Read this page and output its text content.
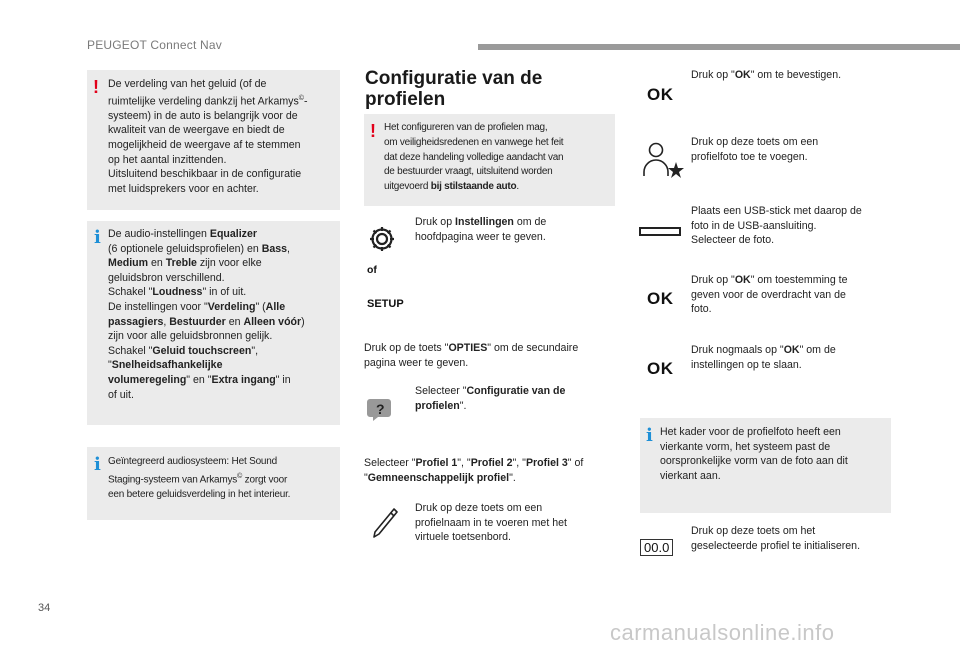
PEUGEOT Connect Nav
! De verdeling van het geluid (of de

ruimtelijke verdeling dankzij het Arkamys©-

systeem) in de auto is belangrijk voor de

kwaliteit van de weergave en biedt de

mogelijkheid de weergave af te stemmen

op het aantal inzittenden.

Uitsluitend beschikbaar in de configuratie

met luidsprekers voor en achter.

i De audio-instellingen Equalizer

(6 optionele geluidsprofielen) en Bass,

Medium en Treble zijn voor elke

geluidsbron verschillend.

Schakel "Loudness" in of uit.

De instellingen voor "Verdeling" (Alle

passagiers, Bestuurder en Alleen vóór)

zijn voor alle geluidsbronnen gelijk.

Schakel "Geluid touchscreen",

"Snelheidsafhankelijke

volumeregeling" en "Extra ingang" in

of uit.

i Geïntegreerd audiosysteem: Het Sound

Staging-systeem van Arkamys© zorgt voor

een betere geluidsverdeling in het interieur.

Configuratie van de
profielen
! Het configureren van de profielen mag,

om veiligheidsredenen en vanwege het feit

dat deze handeling volledige aandacht van

de bestuurder vraagt, uitsluitend worden

uitgevoerd bij stilstaande auto.

Druk op Instellingen om de
hoofdpagina weer te geven.
of
SETUP
Druk op de toets "OPTIES" om de secundaire
pagina weer te geven.
?
Selecteer "Configuratie van de
profielen".
Selecteer "Profiel 1", "Profiel 2", "Profiel 3" of
"Gemneenschappelijk profiel".
Druk op deze toets om een
profielnaam in te voeren met het
virtuele toetsenbord.
OK
Druk op "OK" om te bevestigen.
Druk op deze toets om een
profielfoto toe te voegen.
Plaats een USB-stick met daarop de
foto in de USB-aansluiting.
Selecteer de foto.
OK
Druk op "OK" om toestemming te
geven voor de overdracht van de
foto.
OK
Druk nogmaals op "OK" om de
instellingen op te slaan.
i Het kader voor de profielfoto heeft een

vierkante vorm, het systeem past de

oorspronkelijke vorm van de foto aan dit

vierkant aan.

00.0
Druk op deze toets om het
geselecteerde profiel te initialiseren.
34
carmanualsonline.info
